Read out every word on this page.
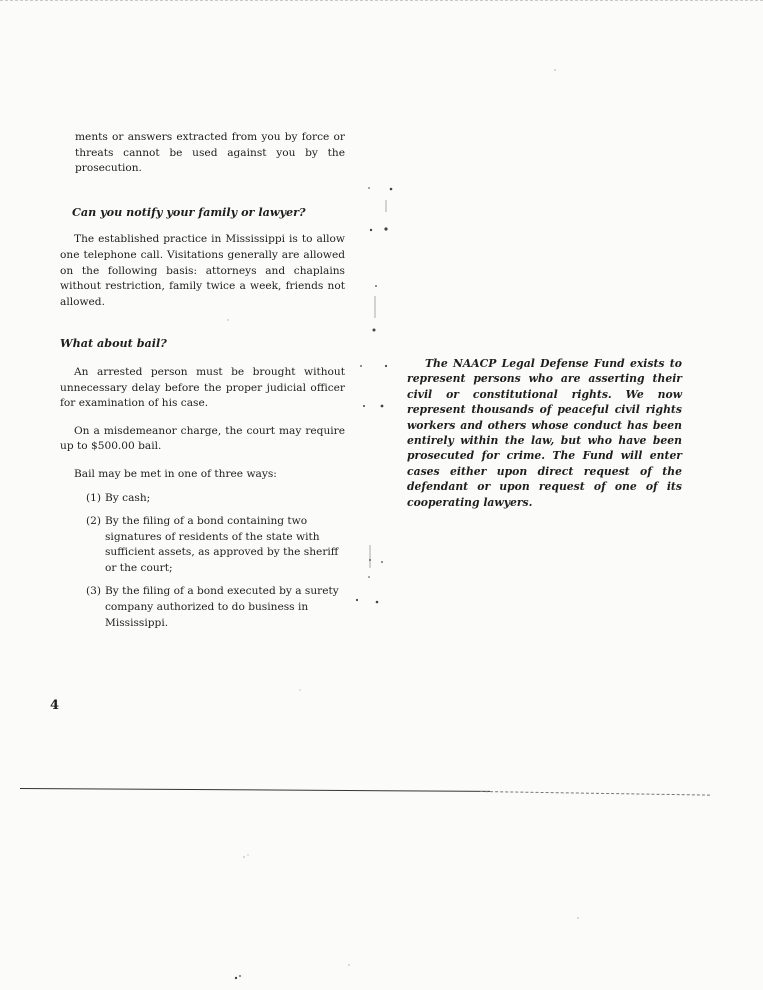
ments or answers extracted from you by force or threats cannot be used against you by the prosecution.

Can you notify your family or lawyer?

The established practice in Mississippi is to allow one telephone call. Visitations generally are allowed on the following basis: attorneys and chaplains without restriction, family twice a week, friends not allowed.

What about bail?

An arrested person must be brought without unnecessary delay before the proper judicial officer for examination of his case.

On a misdemeanor charge, the court may require up to $500.00 bail.

Bail may be met in one of three ways:

(1) By cash;
(2) By the filing of a bond containing two signatures of residents of the state with sufficient assets, as approved by the sheriff or the court;
(3) By the filing of a bond executed by a surety company authorized to do business in Mississippi.

The NAACP Legal Defense Fund exists to represent persons who are asserting their civil or constitutional rights. We now represent thousands of peaceful civil rights workers and others whose conduct has been entirely within the law, but who have been prosecuted for crime. The Fund will enter cases either upon direct request of the defendant or upon request of one of its cooperating lawyers.

4
